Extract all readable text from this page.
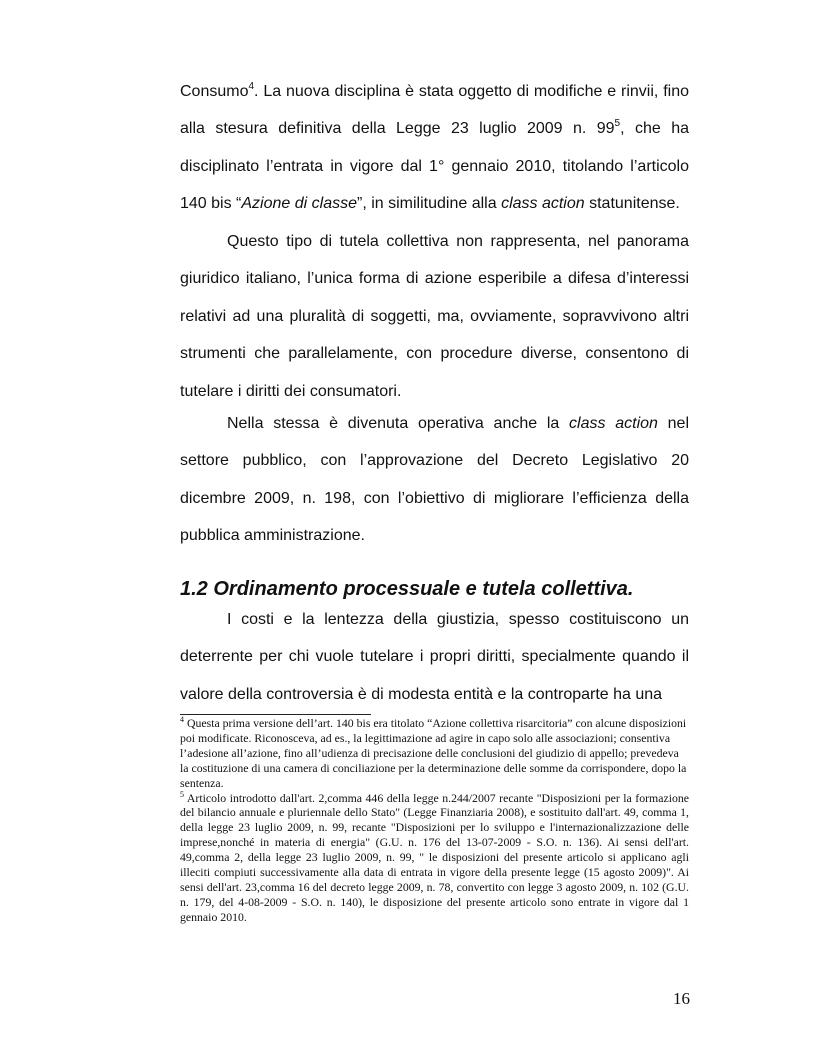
Consumo$^4$. La nuova disciplina è stata oggetto di modifiche e rinvii, fino alla stesura definitiva della Legge 23 luglio 2009 n. $99^5$, che ha disciplinato l’entrata in vigore dal 1° gennaio 2010, titolando l’articolo 140 bis “Azione di classe”, in similitudine alla class action statunitense.

Questo tipo di tutela collettiva non rappresenta, nel panorama giuridico italiano, l’unica forma di azione esperibile a difesa d’interessi relativi ad una pluralità di soggetti, ma, ovviamente, sopravvivono altri strumenti che parallelamente, con procedure diverse, consentono di tutelare i diritti dei consumatori.

Nella stessa è divenuta operativa anche la class action nel settore pubblico, con l’approvazione del Decreto Legislativo 20 dicembre 2009, n. 198, con l’obiettivo di migliorare l’efficienza della pubblica amministrazione.

1.2 Ordinamento processuale e tutela collettiva.

I costi e la lentezza della giustizia, spesso costituiscono un deterrente per chi vuole tutelare i propri diritti, specialmente quando il valore della controversia è di modesta entità e la controparte ha una

$^4$ Questa prima versione dell’art. 140 bis era titolato “Azione collettiva risarcitoria” con alcune disposizioni poi modificate. Riconosceva, ad es., la legittimazione ad agire in capo solo alle associazioni; consentiva l’adesione all’azione, fino all’udienza di precisazione delle conclusioni del giudizio di appello; prevedeva la costituzione di una camera di conciliazione per la determinazione delle somme da corrispondere, dopo la sentenza.

$^5$ Articolo introdotto dall'art. 2,comma 446 della legge n.244/2007 recante "Disposizioni per la formazione del bilancio annuale e pluriennale dello Stato" (Legge Finanziaria 2008), e sostituito dall'art. 49, comma 1, della legge 23 luglio 2009, n. 99, recante "Disposizioni per lo sviluppo e l'internazionalizzazione delle imprese,nonché in materia di energia" (G.U. n. 176 del 13-07-2009 - S.O. n. 136). Ai sensi dell'art. 49,comma 2, della legge 23 luglio 2009, n. 99, " le disposizioni del presente articolo si applicano agli illeciti compiuti successivamente alla data di entrata in vigore della presente legge (15 agosto 2009)". Ai sensi dell'art. 23,comma 16 del decreto legge 2009, n. 78, convertito con legge 3 agosto 2009, n. 102 (G.U. n. 179, del 4-08-2009 - S.O. n. 140), le disposizione del presente articolo sono entrate in vigore dal 1 gennaio 2010.

16
